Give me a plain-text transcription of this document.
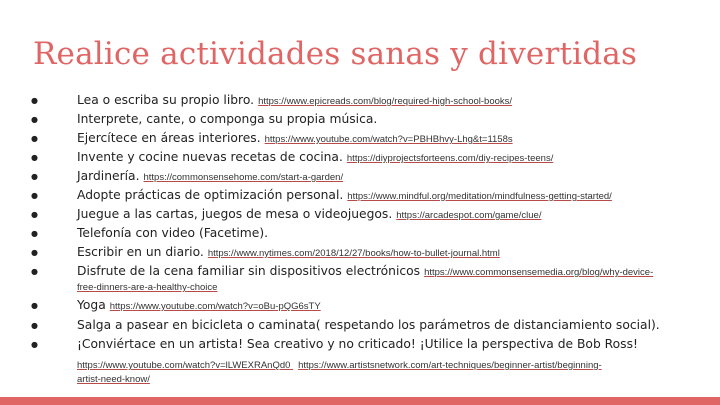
Realice actividades sanas y divertidas
●	Lea o escriba su propio libro. https://www.epicreads.com/blog/required-high-school-books/
●	Interprete, cante, o componga su propia música.
●	Ejercítece en áreas interiores. https://www.youtube.com/watch?v=PBHBhvy-Lhg&t=1158s
●	Invente y cocine nuevas recetas de cocina. https://diyprojectsforteens.com/diy-recipes-teens/
●	Jardinería. https://commonsensehome.com/start-a-garden/
●	Adopte prácticas de optimización personal. https://www.mindful.org/meditation/mindfulness-getting-started/
●	Juegue a las cartas, juegos de mesa o videojuegos. https://arcadespot.com/game/clue/
●	Telefonía con video (Facetime).
●	Escribir en un diario. https://www.nytimes.com/2018/12/27/books/how-to-bullet-journal.html
●	Disfrute de la cena familiar sin dispositivos electrónicos https://www.commonsensemedia.org/blog/why-device-
free-dinners-are-a-healthy-choice
●	Yoga https://www.youtube.com/watch?v=oBu-pQG6sTY
●	Salga a pasear en bicicleta o caminata( respetando los parámetros de distanciamiento social).
●	¡Conviértace en un artista! Sea creativo y no criticado! ¡Utilice la perspectiva de Bob Ross!
https://www.youtube.com/watch?v=lLWEXRAnQd0 https://www.artistsnetwork.com/art-techniques/beginner-artist/beginning-
artist-need-know/
